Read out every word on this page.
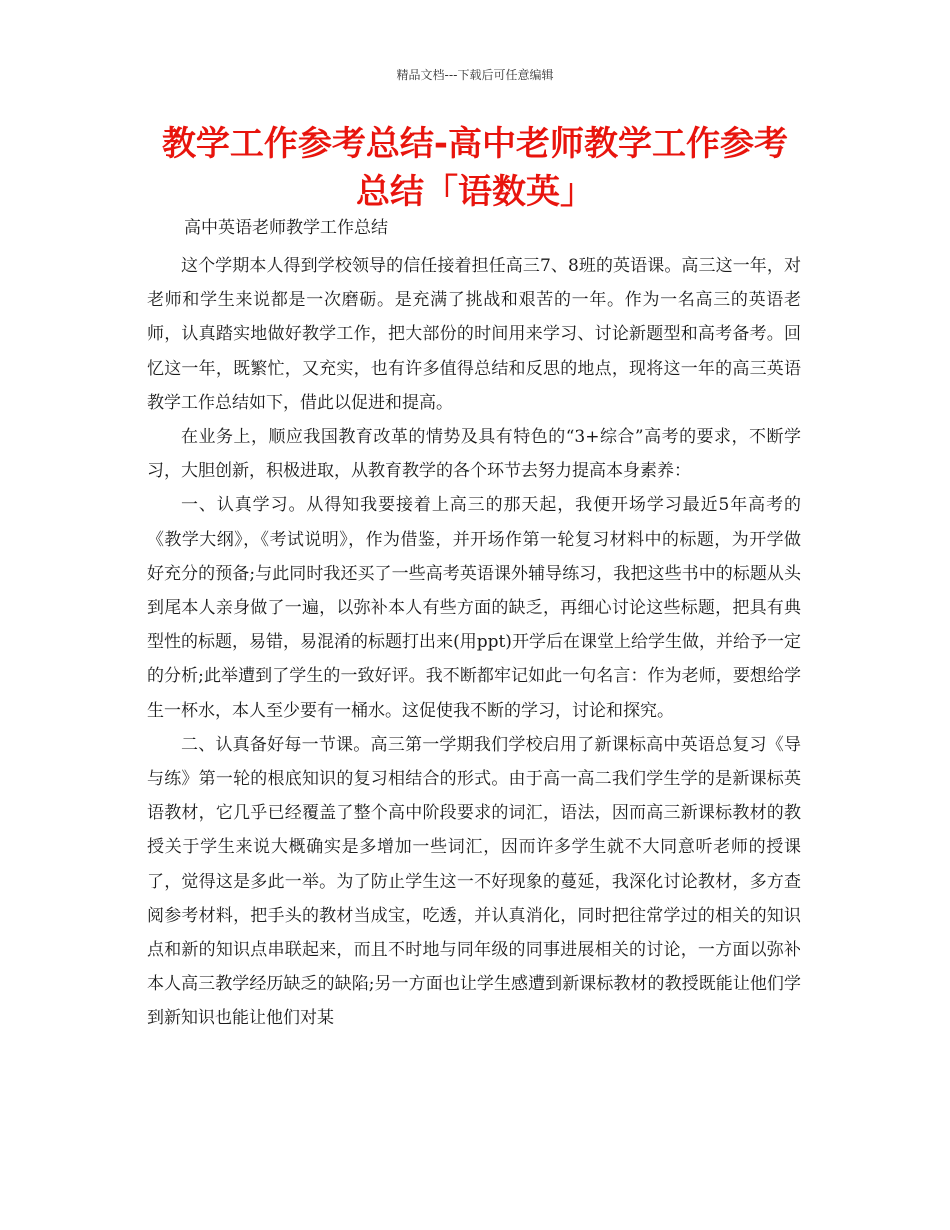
精品文档---下载后可任意编辑
教学工作参考总结-高中老师教学工作参考总结「语数英」

高中英语老师教学工作总结

这个学期本人得到学校领导的信任接着担任高三7、8班的英语课。高三这一年，对老师和学生来说都是一次磨砺。是充满了挑战和艰苦的一年。作为一名高三的英语老师，认真踏实地做好教学工作，把大部份的时间用来学习、讨论新题型和高考备考。回忆这一年，既繁忙，又充实，也有许多值得总结和反思的地点，现将这一年的高三英语教学工作总结如下，借此以促进和提高。

在业务上，顺应我国教育改革的情势及具有特色的“3+综合”高考的要求，不断学习，大胆创新，积极进取，从教育教学的各个环节去努力提高本身素养：

一、认真学习。从得知我要接着上高三的那天起，我便开场学习最近5年高考的《教学大纲》，《考试说明》，作为借鉴，并开场作第一轮复习材料中的标题，为开学做好充分的预备;与此同时我还买了一些高考英语课外辅导练习，我把这些书中的标题从头到尾本人亲身做了一遍，以弥补本人有些方面的缺乏，再细心讨论这些标题，把具有典型性的标题，易错，易混淆的标题打出来(用ppt)开学后在课堂上给学生做，并给予一定的分析;此举遭到了学生的一致好评。我不断都牢记如此一句名言：作为老师，要想给学生一杯水，本人至少要有一桶水。这促使我不断的学习，讨论和探究。

二、认真备好每一节课。高三第一学期我们学校启用了新课标高中英语总复习《导与练》第一轮的根底知识的复习相结合的形式。由于高一高二我们学生学的是新课标英语教材，它几乎已经覆盖了整个高中阶段要求的词汇，语法，因而高三新课标教材的教授关于学生来说大概确实是多增加一些词汇，因而许多学生就不大同意听老师的授课了，觉得这是多此一举。为了防止学生这一不好现象的蔓延，我深化讨论教材，多方查阅参考材料，把手头的教材当成宝，吃透，并认真消化，同时把往常学过的相关的知识点和新的知识点串联起来，而且不时地与同年级的同事进展相关的讨论，一方面以弥补本人高三教学经历缺乏的缺陷;另一方面也让学生感遭到新课标教材的教授既能让他们学到新知识也能让他们对某
